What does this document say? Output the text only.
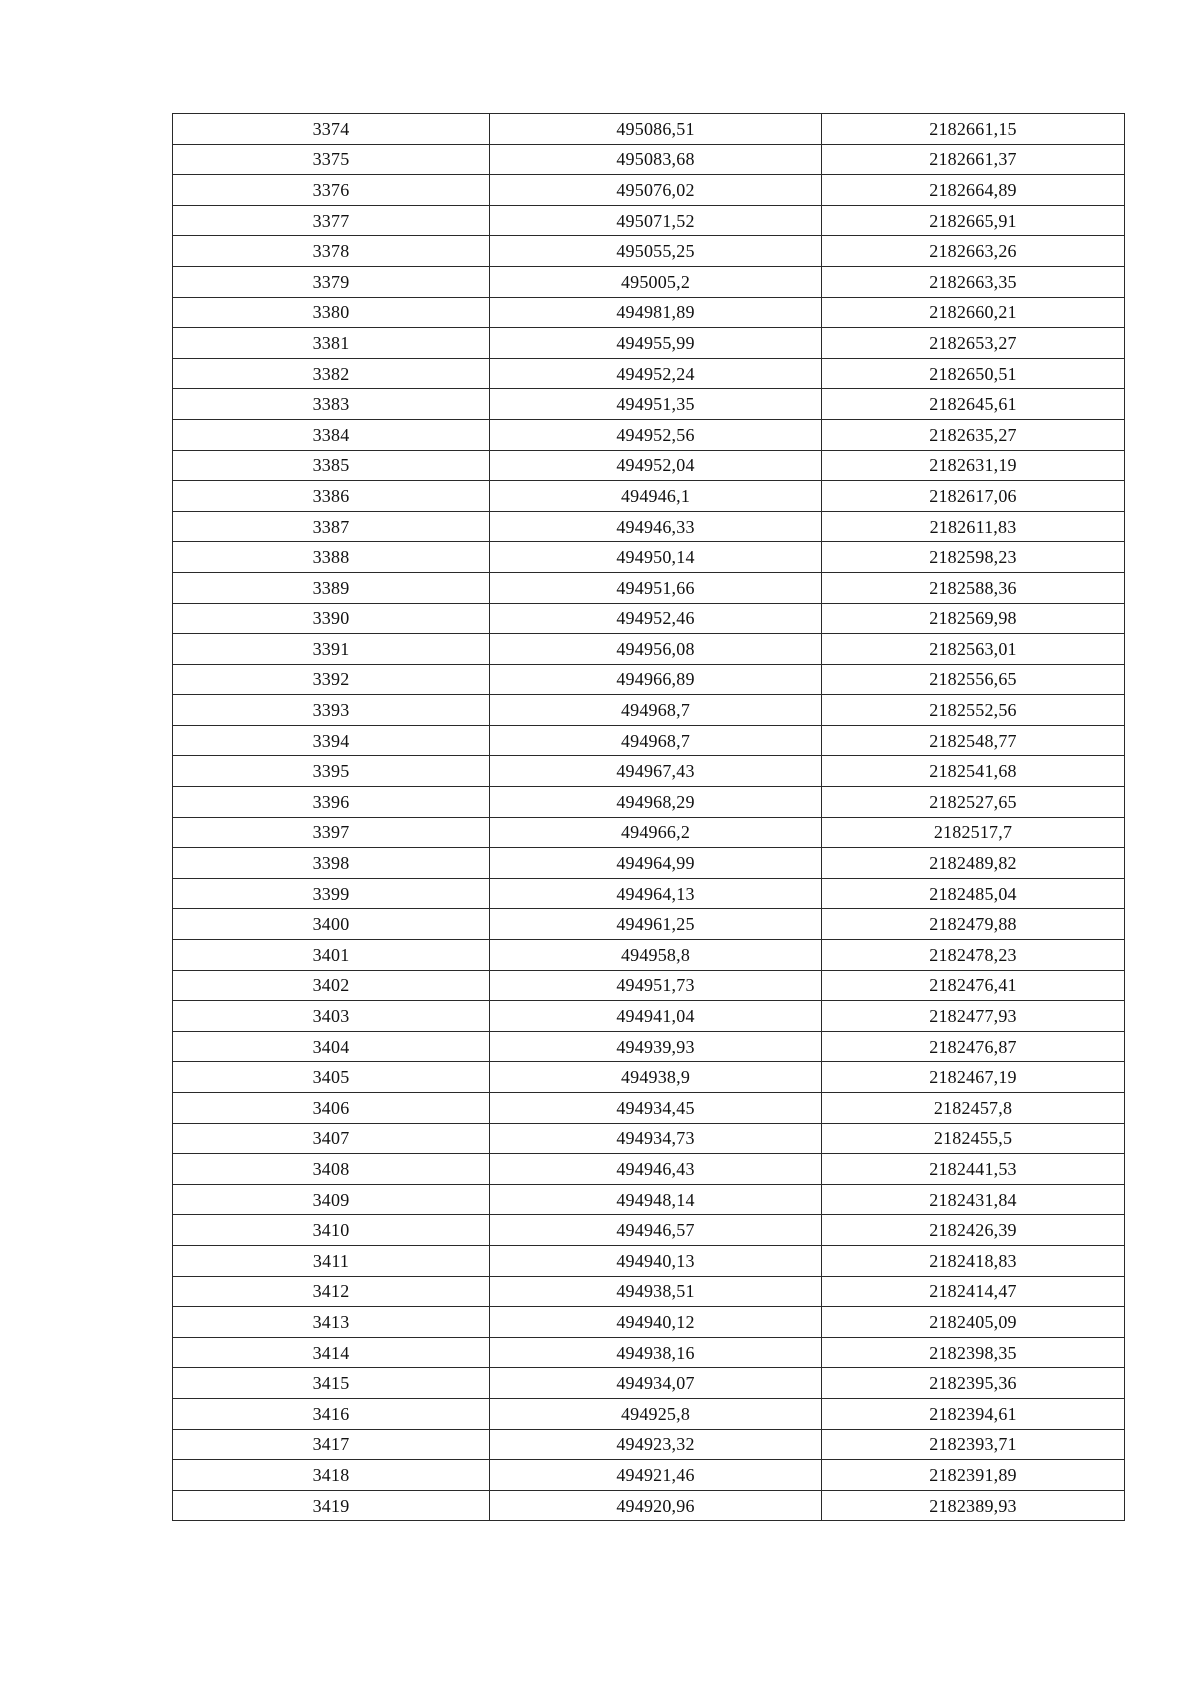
3374	495086,51	2182661,15
3375	495083,68	2182661,37
3376	495076,02	2182664,89
3377	495071,52	2182665,91
3378	495055,25	2182663,26
3379	495005,2	2182663,35
3380	494981,89	2182660,21
3381	494955,99	2182653,27
3382	494952,24	2182650,51
3383	494951,35	2182645,61
3384	494952,56	2182635,27
3385	494952,04	2182631,19
3386	494946,1	2182617,06
3387	494946,33	2182611,83
3388	494950,14	2182598,23
3389	494951,66	2182588,36
3390	494952,46	2182569,98
3391	494956,08	2182563,01
3392	494966,89	2182556,65
3393	494968,7	2182552,56
3394	494968,7	2182548,77
3395	494967,43	2182541,68
3396	494968,29	2182527,65
3397	494966,2	2182517,7
3398	494964,99	2182489,82
3399	494964,13	2182485,04
3400	494961,25	2182479,88
3401	494958,8	2182478,23
3402	494951,73	2182476,41
3403	494941,04	2182477,93
3404	494939,93	2182476,87
3405	494938,9	2182467,19
3406	494934,45	2182457,8
3407	494934,73	2182455,5
3408	494946,43	2182441,53
3409	494948,14	2182431,84
3410	494946,57	2182426,39
3411	494940,13	2182418,83
3412	494938,51	2182414,47
3413	494940,12	2182405,09
3414	494938,16	2182398,35
3415	494934,07	2182395,36
3416	494925,8	2182394,61
3417	494923,32	2182393,71
3418	494921,46	2182391,89
3419	494920,96	2182389,93
